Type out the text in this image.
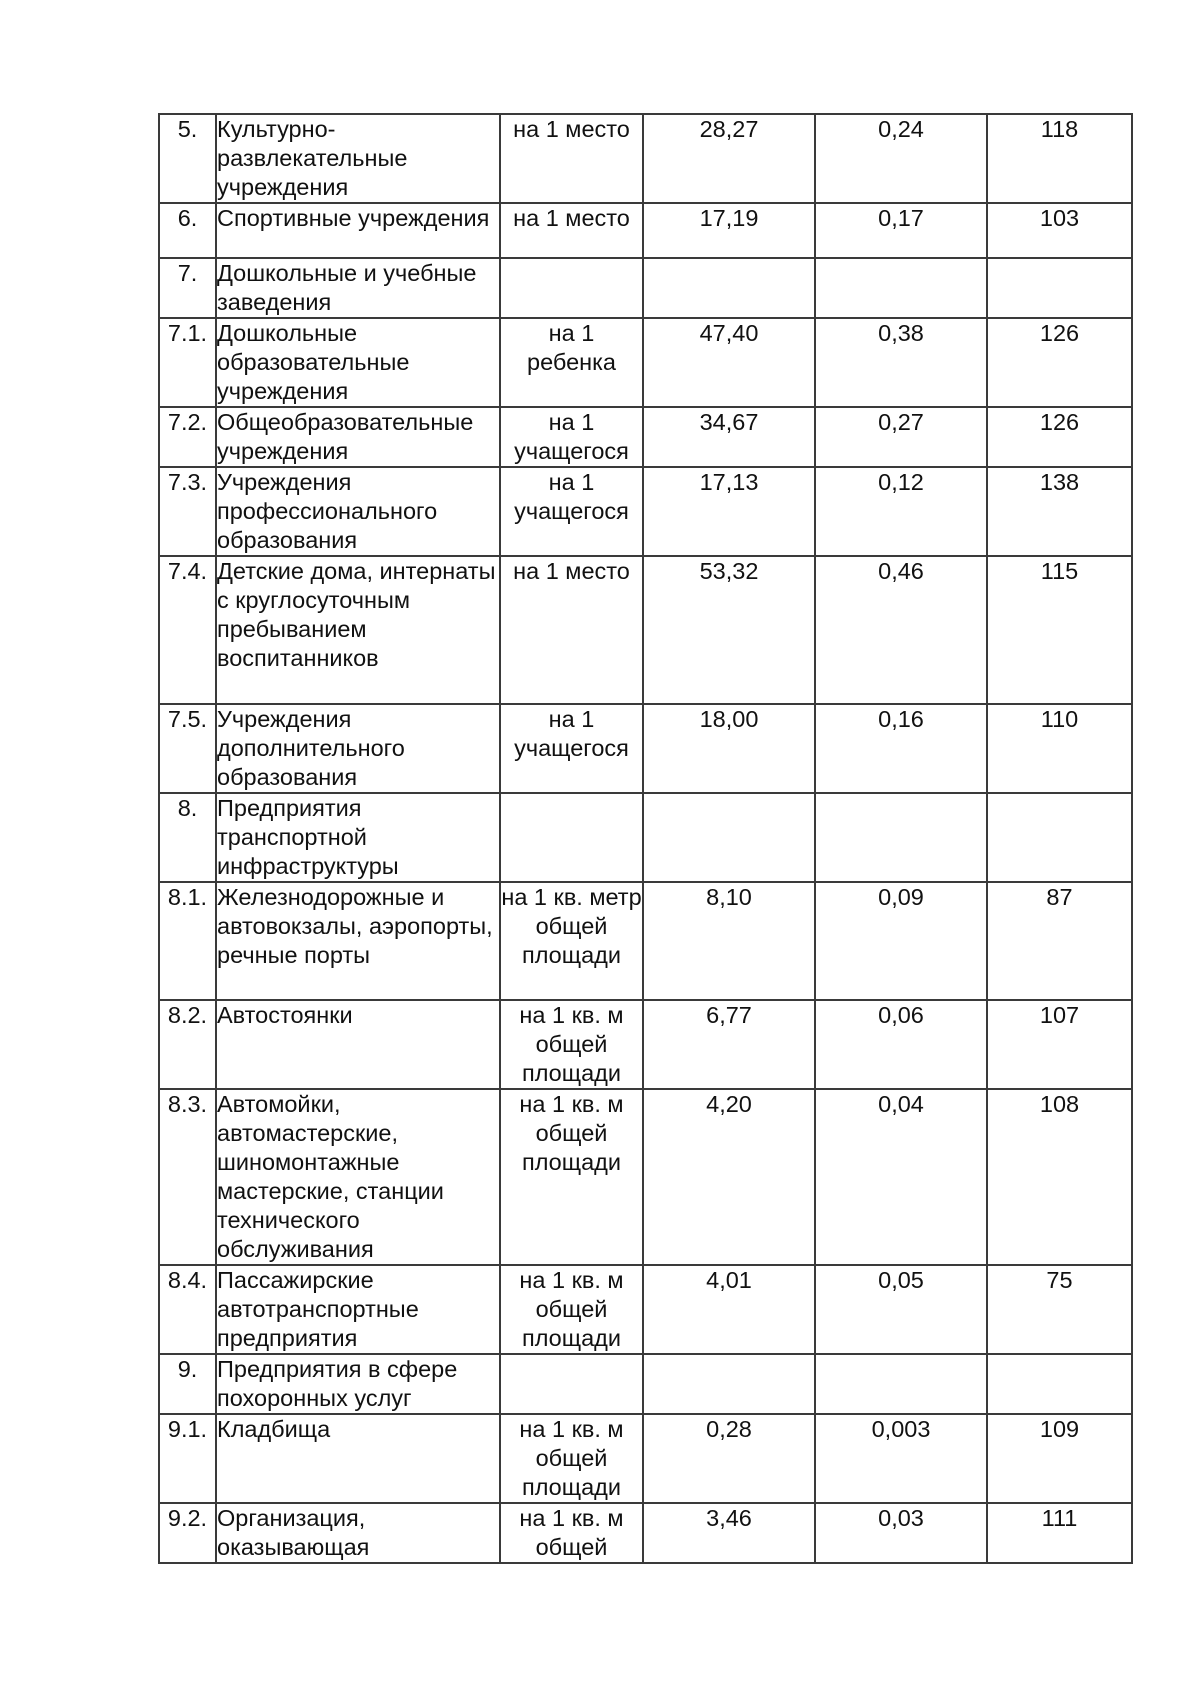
5.	Культурно-развлекательные учреждения	на 1 место	28,27	0,24	118
6.	Спортивные учреждения	на 1 место	17,19	0,17	103
7.	Дошкольные и учебные заведения				
7.1.	Дошкольные образовательные учреждения	на 1 ребенка	47,40	0,38	126
7.2.	Общеобразовательные учреждения	на 1 учащегося	34,67	0,27	126
7.3.	Учреждения профессионального образования	на 1 учащегося	17,13	0,12	138
7.4.	Детские дома, интернаты с круглосуточным пребыванием воспитанников	на 1 место	53,32	0,46	115
7.5.	Учреждения дополнительного образования	на 1 учащегося	18,00	0,16	110
8.	Предприятия транспортной инфраструктуры				
8.1.	Железнодорожные и автовокзалы, аэропорты, речные порты	на 1 кв. метр общей площади	8,10	0,09	87
8.2.	Автостоянки	на 1 кв. м общей площади	6,77	0,06	107
8.3.	Автомойки, автомастерские, шиномонтажные мастерские, станции технического обслуживания	на 1 кв. м общей площади	4,20	0,04	108
8.4.	Пассажирские автотранспортные предприятия	на 1 кв. м общей площади	4,01	0,05	75
9.	Предприятия в сфере похоронных услуг				
9.1.	Кладбища	на 1 кв. м общей площади	0,28	0,003	109
9.2.	Организация, оказывающая	на 1 кв. м общей	3,46	0,03	111
